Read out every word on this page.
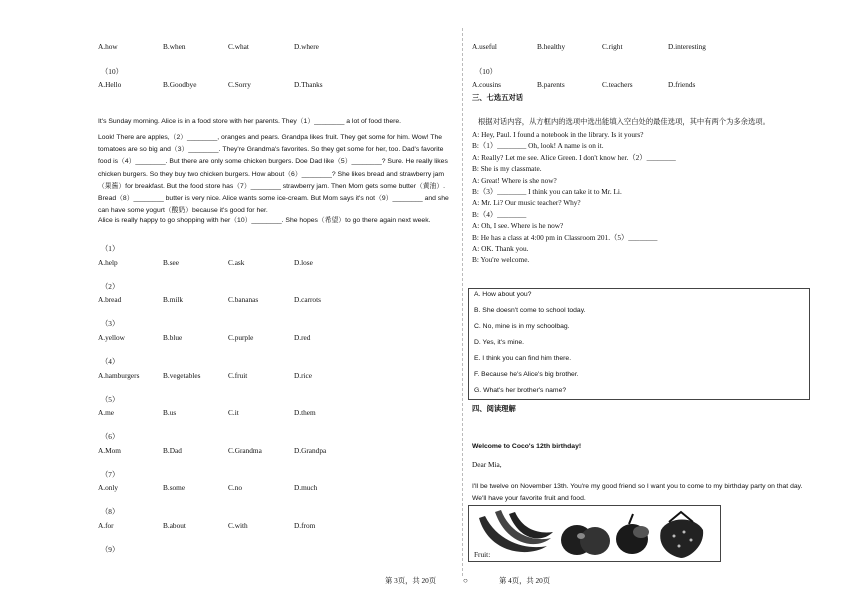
A.how	B.when	C.what	D.where
（10）
A.Hello	B.Goodbye	C.Sorry	D.Thanks
It's Sunday morning. Alice is in a food store with her parents. They（1）________ a lot of food there.
Look! There are apples,（2）________, oranges and pears. Grandpa likes fruit. They get some for him. Wow! The tomatoes are so big and（3）________. They're Grandma's favorites. So they get some for her, too. Dad's favorite food is（4）________. But there are only some chicken burgers. Doe Dad like（5）________? Sure. He really likes chicken burgers. So they buy two chicken burgers. How about（6）________? She likes bread and strawberry jam（果酱）for breakfast. But the food store has（7）________ strawberry jam. Then Mom gets some butter（黄油）. Bread（8）________ butter is very nice. Alice wants some ice-cream. But Mom says it's not（9）________ and she can have some yogurt（酸奶）because it's good for her.
Alice is really happy to go shopping with her（10）________. She hopes（希望）to go there again next week.
（1）
A.help	B.see	C.ask	D.lose
（2）
A.bread	B.milk	C.bananas	D.carrots
（3）
A.yellow	B.blue	C.purple	D.red
（4）
A.hamburgers	B.vegetables	C.fruit	D.rice
（5）
A.me	B.us	C.it	D.them
（6）
A.Mom	B.Dad	C.Grandma	D.Grandpa
（7）
A.only	B.some	C.no	D.much
（8）
A.for	B.about	C.with	D.from
（9）
A.useful	B.healthy	C.right	D.interesting
（10）
A.cousins	B.parents	C.teachers	D.friends
三、七选五对话
根据对话内容，从方框内的选项中选出能填入空白处的最佳选项，其中有两个为多余选项。
A: Hey, Paul. I found a notebook in the library. Is it yours?
B:（1）________ Oh, look! A name is on it.
A: Really? Let me see. Alice Green. I don't know her.（2）________
B: She is my classmate.
A: Great! Where is she now?
B:（3）________ I think you can take it to Mr. Li.
A: Mr. Li? Our music teacher? Why?
B:（4）________
A: Oh, I see. Where is he now?
B: He has a class at 4:00 pm in Classroom 201.（5）________
A: OK. Thank you.
B: You're welcome.
A. How about you?
B. She doesn't come to school today.
C. No, mine is in my schoolbag.
D. Yes, it's mine.
E. I think you can find him there.
F. Because he's Alice's big brother.
G. What's her brother's name?
四、阅读理解
Welcome to Coco's 12th birthday!
Dear Mia,
I'll be twelve on November 13th. You're my good friend so I want you to come to my birthday party on that day. We'll have your favorite fruit and food.
Fruit:
第 3页，共 20页	○	第 4页，共 20页
